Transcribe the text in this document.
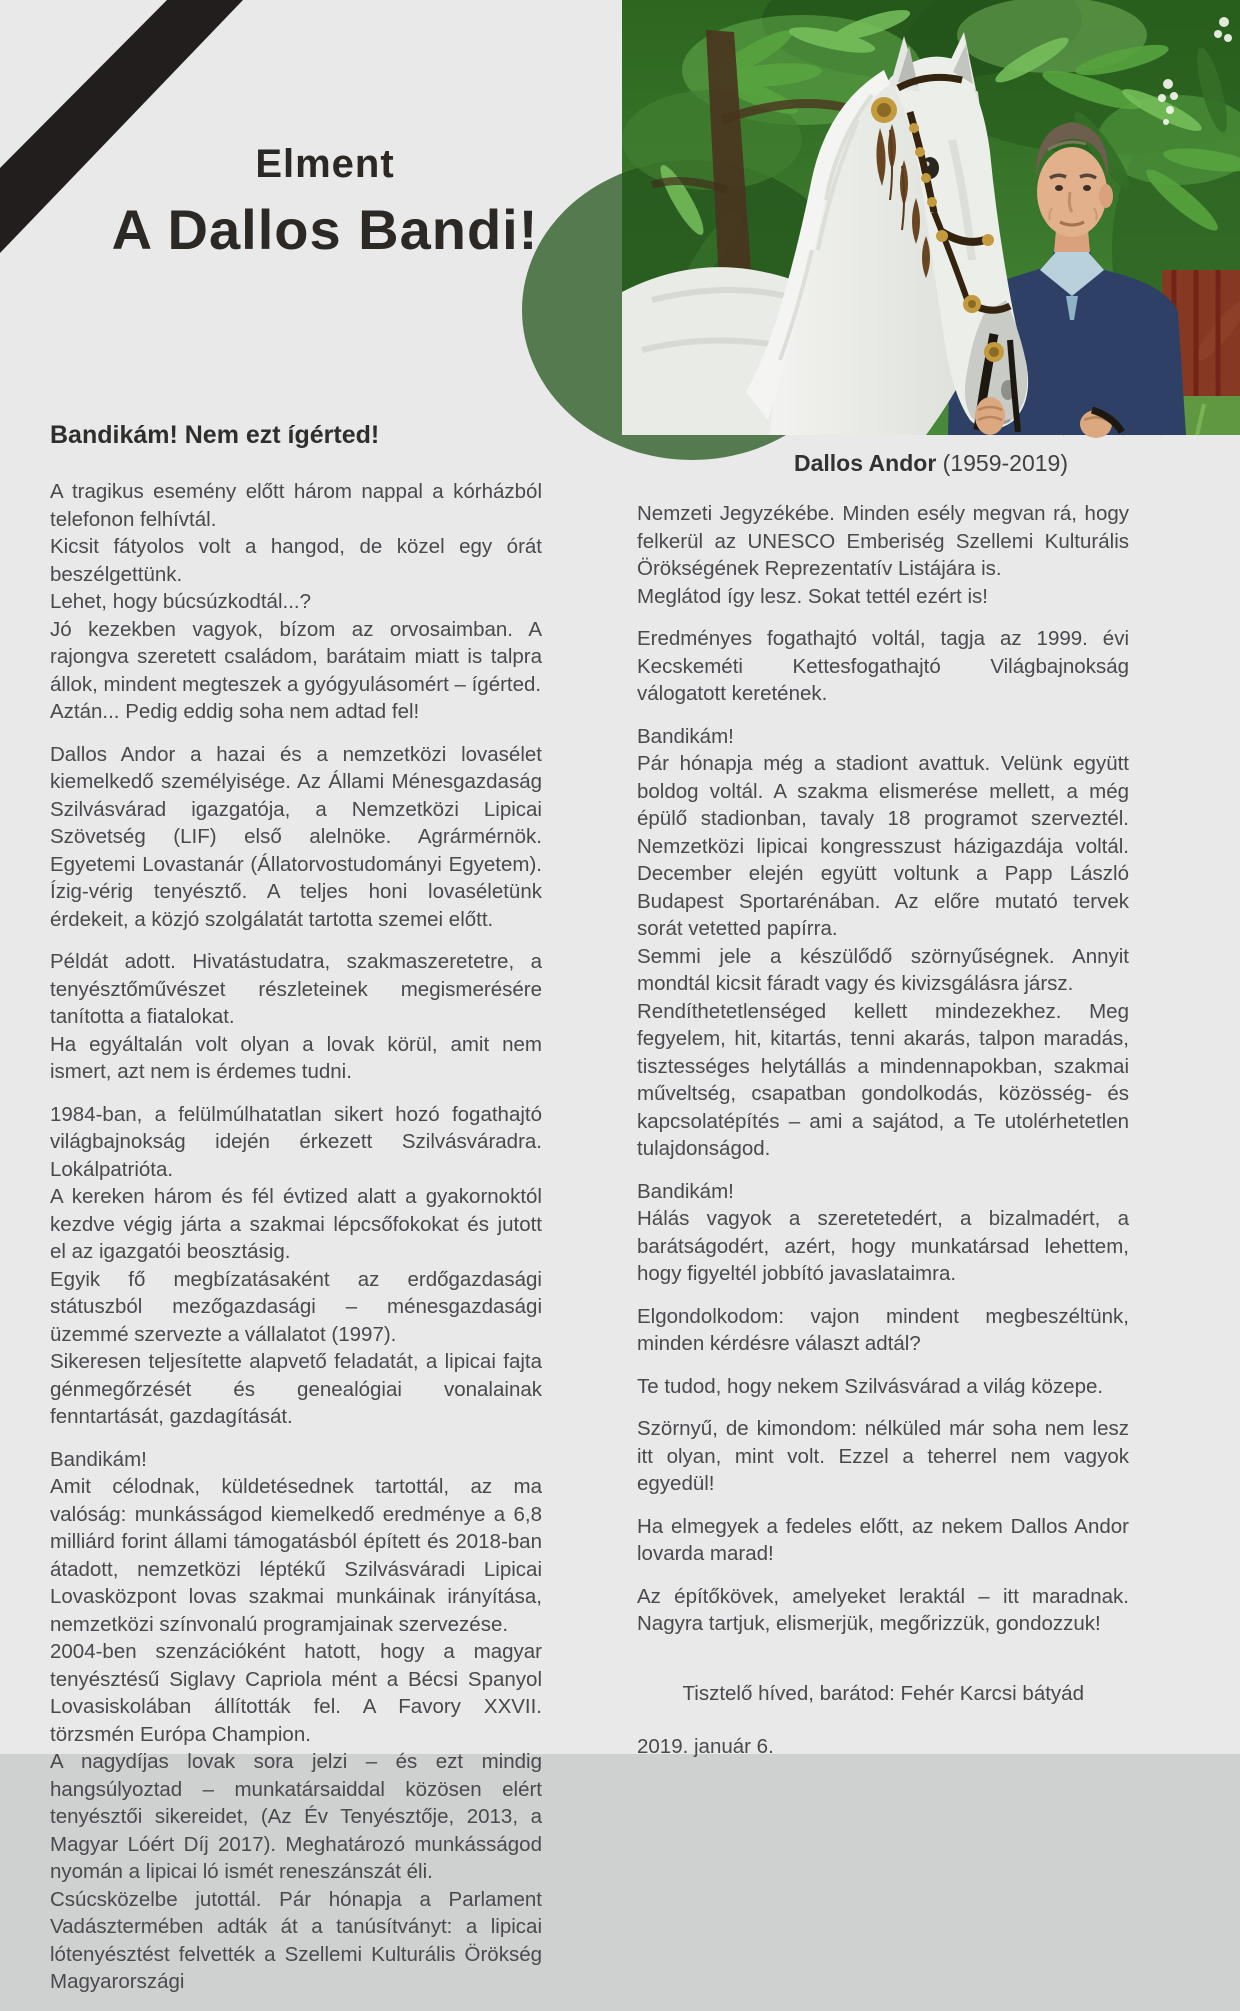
Elment
A Dallos Bandi!
Dallos Andor (1959-2019)
Bandikám! Nem ezt ígérted!

A tragikus esemény előtt három nappal a kórházból telefonon felhívtál.
Kicsit fátyolos volt a hangod, de közel egy órát beszélgettünk.
Lehet, hogy búcsúzkodtál...?
Jó kezekben vagyok, bízom az orvosaimban. A rajongva szeretett családom, barátaim miatt is talpra állok, mindent megteszek a gyógyulásomért – ígérted.
Aztán... Pedig eddig soha nem adtad fel!

Dallos Andor a hazai és a nemzetközi lovasélet kiemelkedő személyisége. Az Állami Ménesgazdaság Szilvásvárad igazgatója, a Nemzetközi Lipicai Szövetség (LIF) első alelnöke. Agrármérnök. Egyetemi Lovastanár (Állatorvostudományi Egyetem). Ízig-vérig tenyésztő. A teljes honi lovaséletünk érdekeit, a közjó szolgálatát tartotta szemei előtt.

Példát adott. Hivatástudatra, szakmaszeretetre, a tenyésztőművészet részleteinek megismerésére tanította a fiatalokat.
Ha egyáltalán volt olyan a lovak körül, amit nem ismert, azt nem is érdemes tudni.

1984-ban, a felülmúlhatatlan sikert hozó fogathajtó világbajnokság idején érkezett Szilvásváradra. Lokálpatrióta.
A kereken három és fél évtized alatt a gyakornoktól kezdve végig járta a szakmai lépcsőfokokat és jutott el az igazgatói beosztásig.
Egyik fő megbízatásaként az erdőgazdasági státuszból mezőgazdasági – ménesgazdasági üzemmé szervezte a vállalatot (1997).
Sikeresen teljesítette alapvető feladatát, a lipicai fajta génmegőrzését és genealógiai vonalainak fenntartását, gazdagítását.

Bandikám!
Amit célodnak, küldetésednek tartottál, az ma valóság: munkásságod kiemelkedő eredménye a 6,8 milliárd forint állami támogatásból épített és 2018-ban átadott, nemzetközi léptékű Szilvásváradi Lipicai Lovasközpont lovas szakmai munkáinak irányítása, nemzetközi színvonalú programjainak szervezése.
2004-ben szenzációként hatott, hogy a magyar tenyésztésű Siglavy Capriola mént a Bécsi Spanyol Lovasiskolában állították fel. A Favory XXVII. törzsmén Európa Champion.
A nagydíjas lovak sora jelzi – és ezt mindig hangsúlyoztad – munkatársaiddal közösen elért tenyésztői sikereidet, (Az Év Tenyésztője, 2013, a Magyar Lóért Díj 2017). Meghatározó munkásságod nyomán a lipicai ló ismét reneszánszát éli.
Csúcsközelbe jutottál. Pár hónapja a Parlament Vadásztermében adták át a tanúsítványt: a lipicai lótenyésztést felvették a Szellemi Kulturális Örökség Magyarországi

Nemzeti Jegyzékébe. Minden esély megvan rá, hogy felkerül az UNESCO Emberiség Szellemi Kulturális Örökségének Reprezentatív Listájára is.
Meglátod így lesz. Sokat tettél ezért is!

Eredményes fogathajtó voltál, tagja az 1999. évi Kecskeméti Kettesfogathajtó Világbajnokság válogatott keretének.

Bandikám!
Pár hónapja még a stadiont avattuk. Velünk együtt boldog voltál. A szakma elismerése mellett, a még épülő stadionban, tavaly 18 programot szerveztél. Nemzetközi lipicai kongresszust házigazdája voltál. December elején együtt voltunk a Papp László Budapest Sportarénában. Az előre mutató tervek sorát vetetted papírra.
Semmi jele a készülődő szörnyűségnek. Annyit mondtál kicsit fáradt vagy és kivizsgálásra jársz.
Rendíthetetlenséged kellett mindezekhez. Meg fegyelem, hit, kitartás, tenni akarás, talpon maradás, tisztességes helytállás a mindennapokban, szakmai műveltség, csapatban gondolkodás, közösség- és kapcsolatépítés – ami a sajátod, a Te utolérhetetlen tulajdonságod.

Bandikám!
Hálás vagyok a szeretetedért, a bizalmadért, a barátságodért, azért, hogy munkatársad lehettem, hogy figyeltél jobbító javaslataimra.

Elgondolkodom: vajon mindent megbeszéltünk, minden kérdésre választ adtál?

Te tudod, hogy nekem Szilvásvárad a világ közepe.

Szörnyű, de kimondom: nélküled már soha nem lesz itt olyan, mint volt. Ezzel a teherrel nem vagyok egyedül!

Ha elmegyek a fedeles előtt, az nekem Dallos Andor lovarda marad!

Az építőkövek, amelyeket leraktál – itt maradnak. Nagyra tartjuk, elismerjük, megőrizzük, gondozzuk!

Tisztelő híved, barátod: Fehér Karcsi bátyád
2019. január 6.
